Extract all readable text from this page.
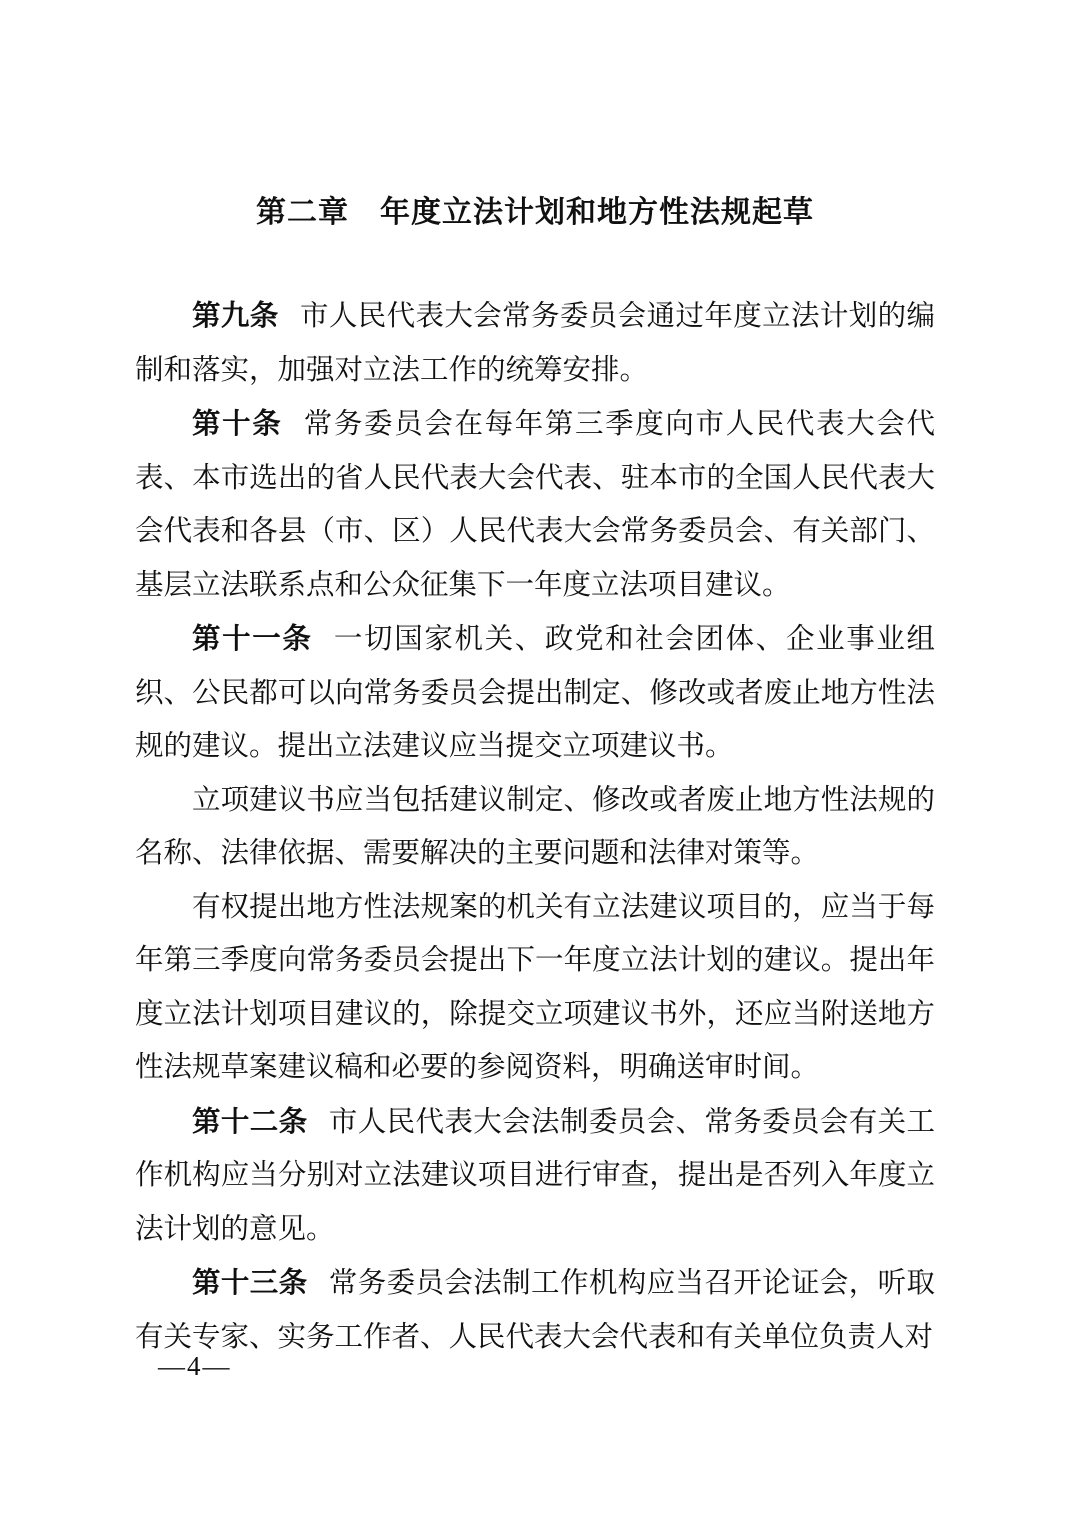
第二章　年度立法计划和地方性法规起草

第九条 市人民代表大会常务委员会通过年度立法计划的编制和落实，加强对立法工作的统筹安排。

第十条 常务委员会在每年第三季度向市人民代表大会代表、本市选出的省人民代表大会代表、驻本市的全国人民代表大会代表和各县（市、区）人民代表大会常务委员会、有关部门、基层立法联系点和公众征集下一年度立法项目建议。

第十一条 一切国家机关、政党和社会团体、企业事业组织、公民都可以向常务委员会提出制定、修改或者废止地方性法规的建议。提出立法建议应当提交立项建议书。

立项建议书应当包括建议制定、修改或者废止地方性法规的名称、法律依据、需要解决的主要问题和法律对策等。

有权提出地方性法规案的机关有立法建议项目的，应当于每年第三季度向常务委员会提出下一年度立法计划的建议。提出年度立法计划项目建议的，除提交立项建议书外，还应当附送地方性法规草案建议稿和必要的参阅资料，明确送审时间。

第十二条 市人民代表大会法制委员会、常务委员会有关工作机构应当分别对立法建议项目进行审查，提出是否列入年度立法计划的意见。

第十三条 常务委员会法制工作机构应当召开论证会，听取有关专家、实务工作者、人民代表大会代表和有关单位负责人对

—4—
